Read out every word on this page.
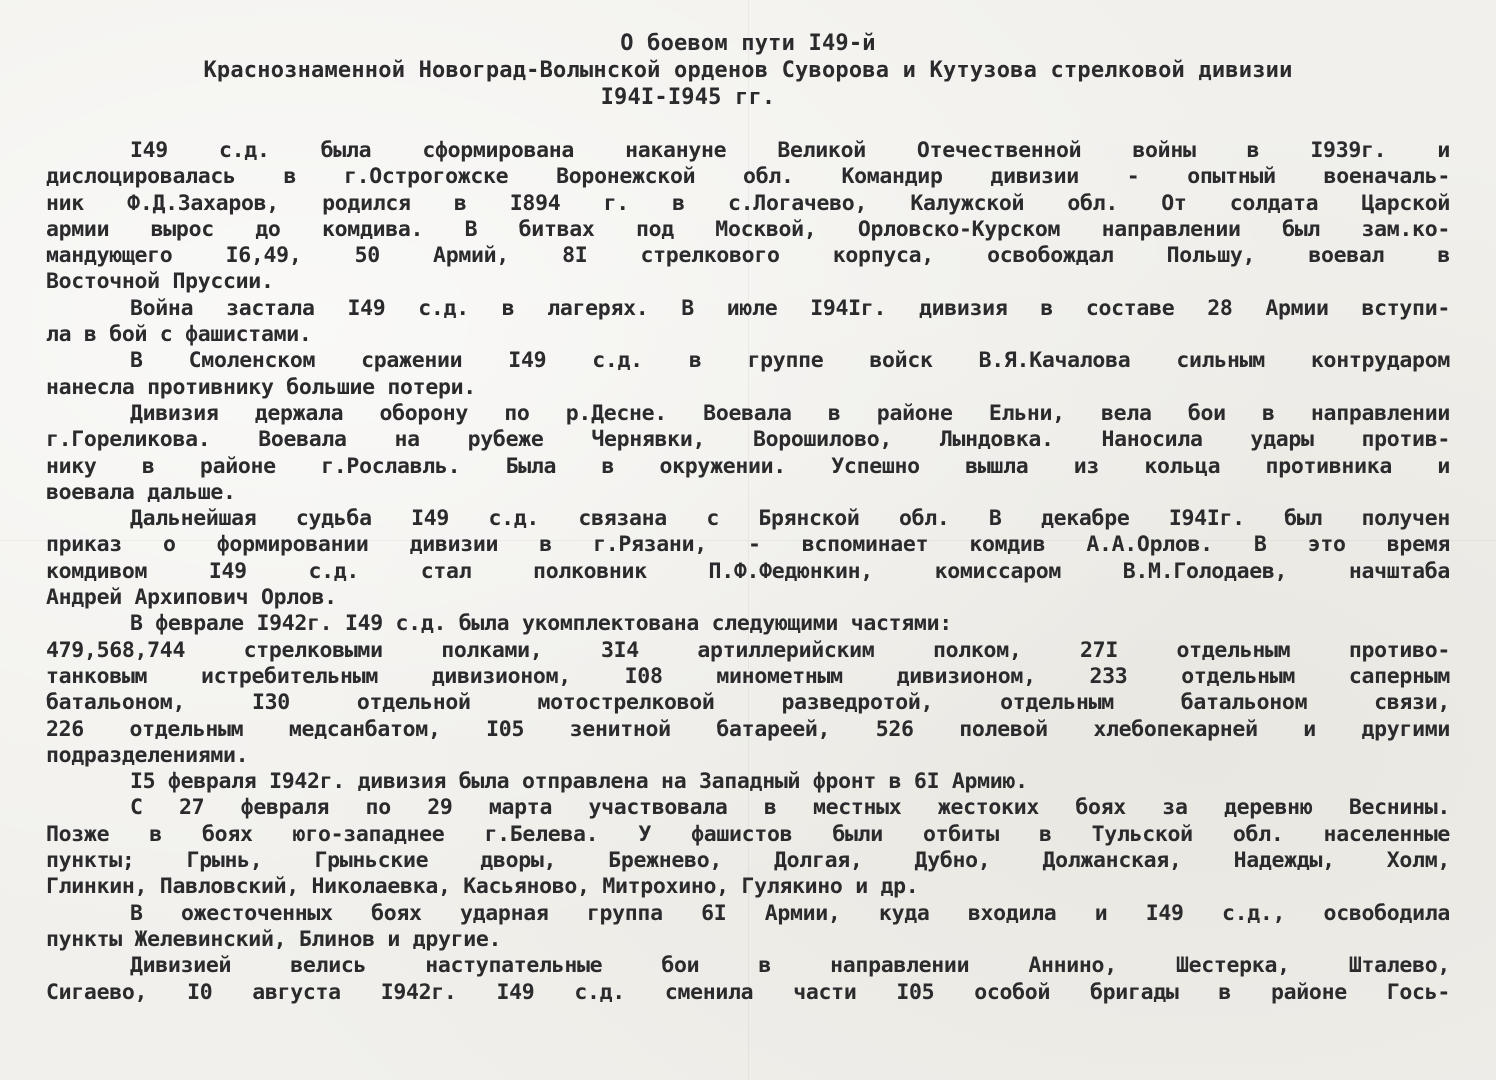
О боевом пути I49-й
Краснознаменной Новоград-Волынской орденов Суворова и Кутузова стрелковой дивизии
I94I-I945 гг.
I49 с.д. была сформирована накануне Великой Отечественной войны в I939г. и
дислоцировалась в г.Острогожске Воронежской обл. Командир дивизии - опытный военачаль-
ник Ф.Д.Захаров, родился в I894 г. в с.Логачево, Калужской обл. От солдата Царской
армии вырос до комдива. В битвах под Москвой, Орловско-Курском направлении был зам.ко-
мандующего I6,49, 50 Армий, 8I стрелкового корпуса, освобождал Польшу, воевал в
Восточной Пруссии.
Война застала I49 с.д. в лагерях. В июле I94Iг. дивизия в составе 28 Армии вступи-
ла в бой с фашистами.
В Смоленском сражении I49 с.д. в группе войск В.Я.Качалова сильным контрударом
нанесла противнику большие потери.
Дивизия держала оборону по р.Десне. Воевала в районе Ельни, вела бои в направлении
г.Гореликова. Воевала на рубеже Чернявки, Ворошилово, Лындовка. Наносила удары против-
нику в районе г.Рославль. Была в окружении. Успешно вышла из кольца противника и
воевала дальше.
Дальнейшая судьба I49 с.д. связана с Брянской обл. В декабре I94Iг. был получен
приказ о формировании дивизии в г.Рязани, - вспоминает комдив А.А.Орлов. В это время
комдивом I49 с.д. стал полковник П.Ф.Федюнкин, комиссаром В.М.Голодаев, начштаба
Андрей Архипович Орлов.
В феврале I942г. I49 с.д. была укомплектована следующими частями:
479,568,744 стрелковыми полками, 3I4 артиллерийским полком, 27I отдельным противо-
танковым истребительным дивизионом, I08 минометным дивизионом, 233 отдельным саперным
батальоном, I30 отдельной мотострелковой разведротой, отдельным батальоном связи,
226 отдельным медсанбатом, I05 зенитной батареей, 526 полевой хлебопекарней и другими
подразделениями.
I5 февраля I942г. дивизия была отправлена на Западный фронт в 6I Армию.
С 27 февраля по 29 марта участвовала в местных жестоких боях за деревню Веснины.
Позже в боях юго-западнее г.Белева. У фашистов были отбиты в Тульской обл. населенные
пункты; Грынь, Грыньские дворы, Брежнево, Долгая, Дубно, Должанская, Надежды, Холм,
Глинкин, Павловский, Николаевка, Касьяново, Митрохино, Гулякино и др.
В ожесточенных боях ударная группа 6I Армии, куда входила и I49 с.д., освободила
пункты Желевинский, Блинов и другие.
Дивизией велись наступательные бои в направлении Аннино, Шестерка, Шталево,
Сигаево, I0 августа I942г. I49 с.д. сменила части I05 особой бригады в районе Гось-
